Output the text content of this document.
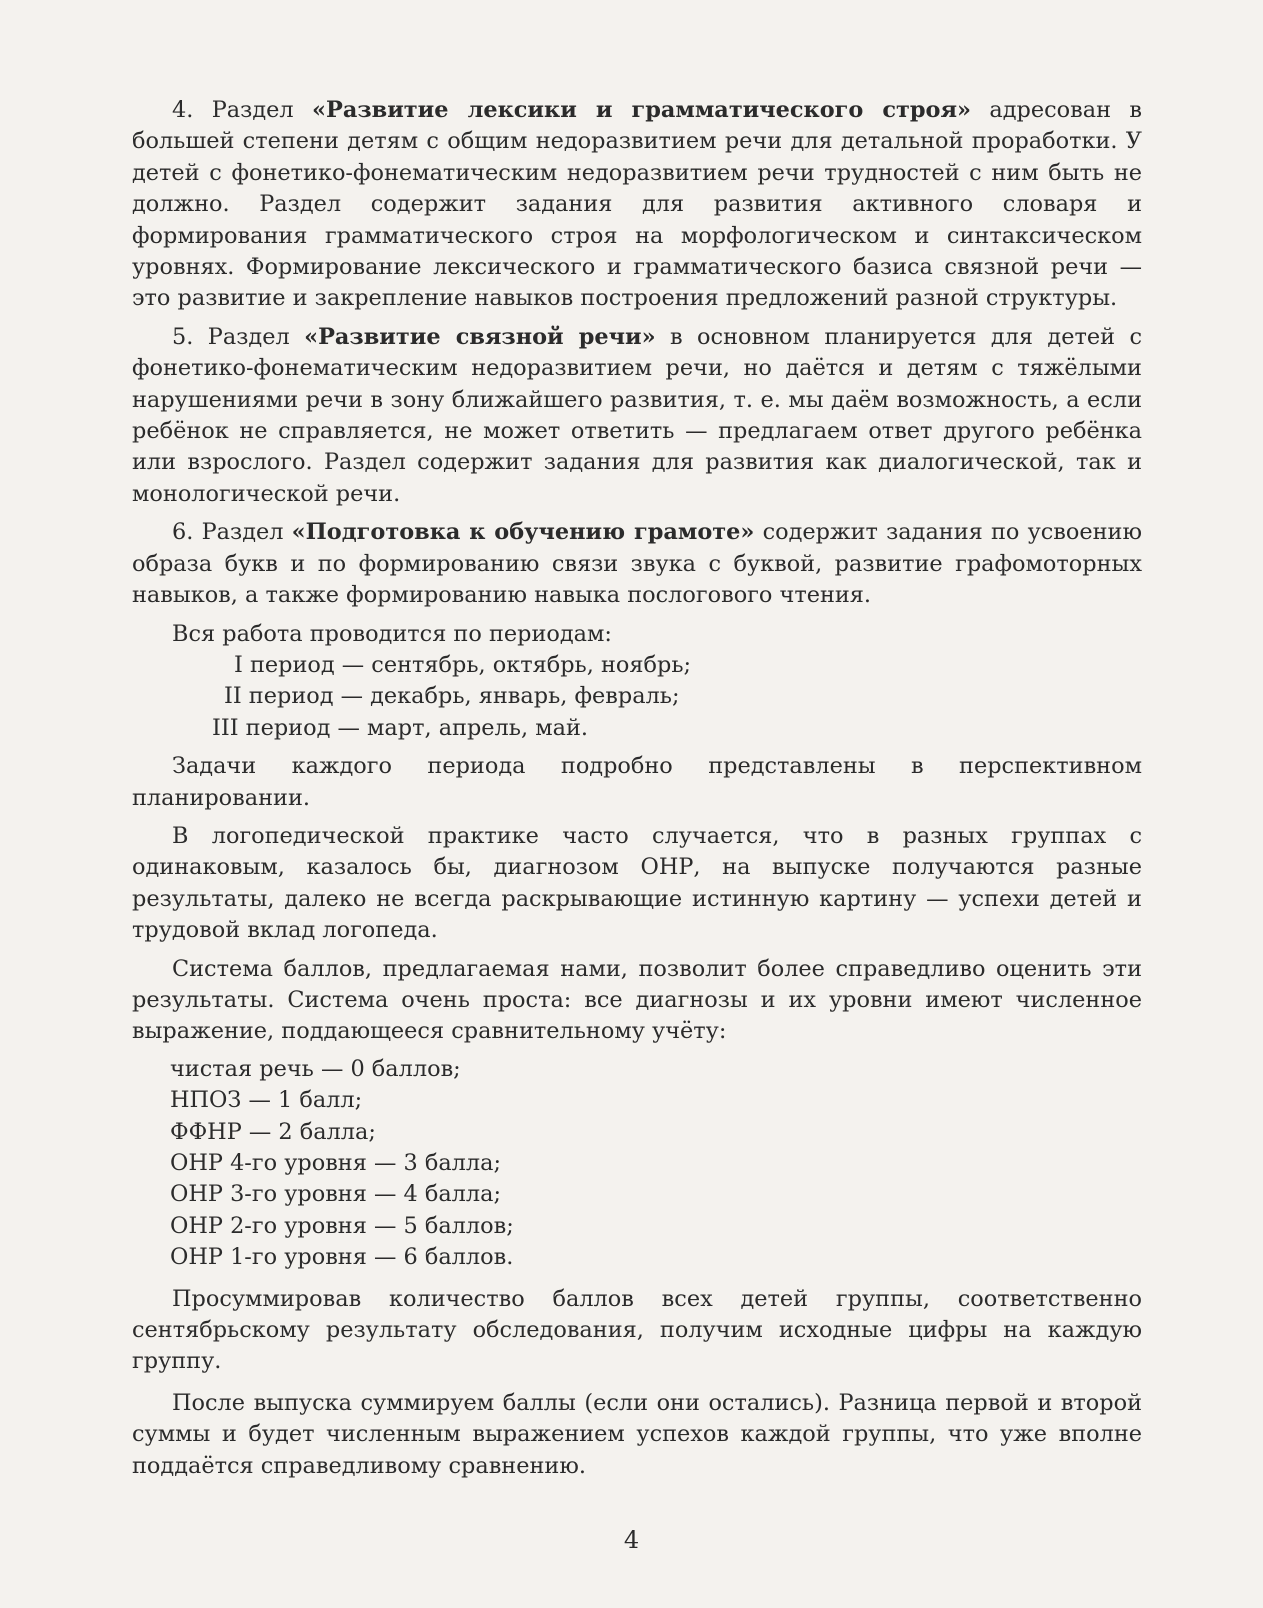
4. Раздел «Развитие лексики и грамматического строя» адресован в большей степени детям с общим недоразвитием речи для детальной проработки. У детей с фонетико-фонематическим недоразвитием речи трудностей с ним быть не должно. Раздел содержит задания для развития активного словаря и формирования грамматического строя на морфологическом и синтаксическом уровнях. Формирование лексического и грамматического базиса связной речи — это развитие и закрепление навыков построения предложений разной структуры.

5. Раздел «Развитие связной речи» в основном планируется для детей с фонетико-фонематическим недоразвитием речи, но даётся и детям с тяжёлыми нарушениями речи в зону ближайшего развития, т. е. мы даём возможность, а если ребёнок не справляется, не может ответить — предлагаем ответ другого ребёнка или взрослого. Раздел содержит задания для развития как диалогической, так и монологической речи.

6. Раздел «Подготовка к обучению грамоте» содержит задания по усвоению образа букв и по формированию связи звука с буквой, развитие графомоторных навыков, а также формированию навыка послогового чтения.

Вся работа проводится по периодам:

I период — сентябрь, октябрь, ноябрь;

II период — декабрь, январь, февраль;

III период — март, апрель, май.

Задачи каждого периода подробно представлены в перспективном планировании.

В логопедической практике часто случается, что в разных группах с одинаковым, казалось бы, диагнозом ОНР, на выпуске получаются разные результаты, далеко не всегда раскрывающие истинную картину — успехи детей и трудовой вклад логопеда.

Система баллов, предлагаемая нами, позволит более справедливо оценить эти результаты. Система очень проста: все диагнозы и их уровни имеют численное выражение, поддающееся сравнительному учёту:

чистая речь — 0 баллов;
НПОЗ — 1 балл;
ФФНР — 2 балла;
ОНР 4-го уровня — 3 балла;
ОНР 3-го уровня — 4 балла;
ОНР 2-го уровня — 5 баллов;
ОНР 1-го уровня — 6 баллов.

Просуммировав количество баллов всех детей группы, соответственно сентябрьскому результату обследования, получим исходные цифры на каждую группу.

После выпуска суммируем баллы (если они остались). Разница первой и второй суммы и будет численным выражением успехов каждой группы, что уже вполне поддаётся справедливому сравнению.

4
